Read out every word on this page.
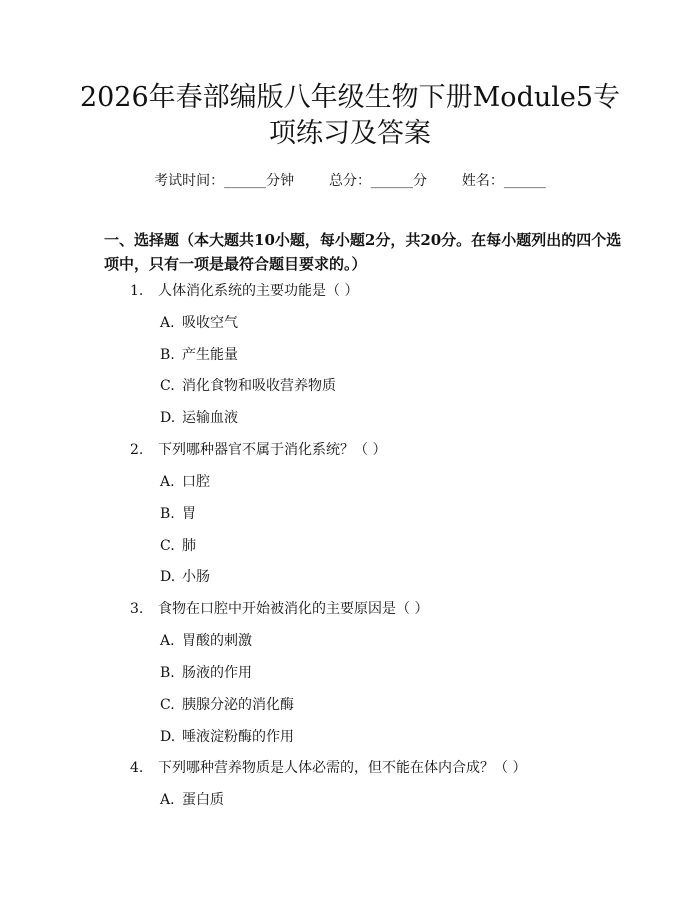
2026年春部编版八年级生物下册Module5专
项练习及答案
考试时间：______分钟 总分：______分 姓名：______
一、选择题（本大题共10小题，每小题2分，共20分。在每小题列出的四个选项中，只有一项是最符合题目要求的。）
1. 人体消化系统的主要功能是（ ）
A. 吸收空气
B. 产生能量
C. 消化食物和吸收营养物质
D. 运输血液
2. 下列哪种器官不属于消化系统？（ ）
A. 口腔
B. 胃
C. 肺
D. 小肠
3. 食物在口腔中开始被消化的主要原因是（ ）
A. 胃酸的刺激
B. 肠液的作用
C. 胰腺分泌的消化酶
D. 唾液淀粉酶的作用
4. 下列哪种营养物质是人体必需的，但不能在体内合成？（ ）
A. 蛋白质
